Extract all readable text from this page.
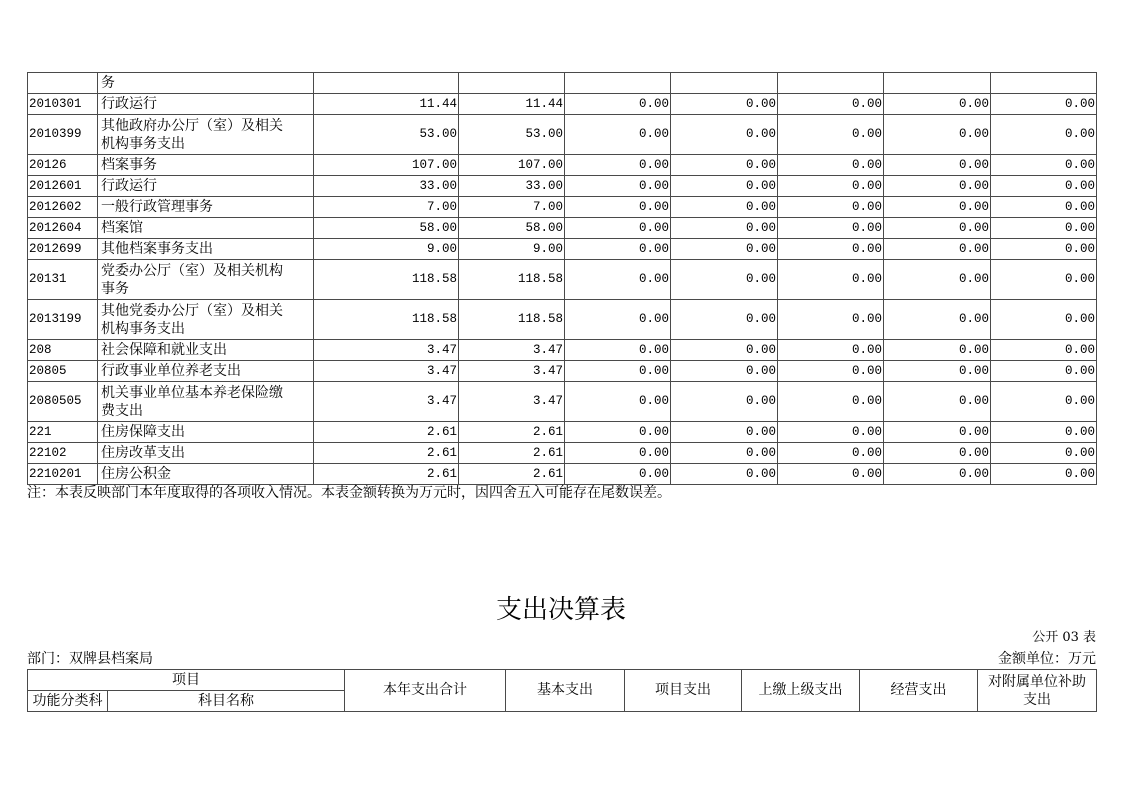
	务							
2010301	行政运行	11.44	11.44	0.00	0.00	0.00	0.00	0.00
2010399	其他政府办公厅（室）及相关机构事务支出	53.00	53.00	0.00	0.00	0.00	0.00	0.00
20126	档案事务	107.00	107.00	0.00	0.00	0.00	0.00	0.00
2012601	行政运行	33.00	33.00	0.00	0.00	0.00	0.00	0.00
2012602	一般行政管理事务	7.00	7.00	0.00	0.00	0.00	0.00	0.00
2012604	档案馆	58.00	58.00	0.00	0.00	0.00	0.00	0.00
2012699	其他档案事务支出	9.00	9.00	0.00	0.00	0.00	0.00	0.00
20131	党委办公厅（室）及相关机构事务	118.58	118.58	0.00	0.00	0.00	0.00	0.00
2013199	其他党委办公厅（室）及相关机构事务支出	118.58	118.58	0.00	0.00	0.00	0.00	0.00
208	社会保障和就业支出	3.47	3.47	0.00	0.00	0.00	0.00	0.00
20805	行政事业单位养老支出	3.47	3.47	0.00	0.00	0.00	0.00	0.00
2080505	机关事业单位基本养老保险缴费支出	3.47	3.47	0.00	0.00	0.00	0.00	0.00
221	住房保障支出	2.61	2.61	0.00	0.00	0.00	0.00	0.00
22102	住房改革支出	2.61	2.61	0.00	0.00	0.00	0.00	0.00
2210201	住房公积金	2.61	2.61	0.00	0.00	0.00	0.00	0.00
注：本表反映部门本年度取得的各项收入情况。本表金额转换为万元时，因四舍五入可能存在尾数误差。
支出决算表
公开 03 表
部门：双牌县档案局	金额单位：万元
项目		本年支出合计	基本支出	项目支出	上缴上级支出	经营支出	对附属单位补助支出
功能分类科	科目名称						
